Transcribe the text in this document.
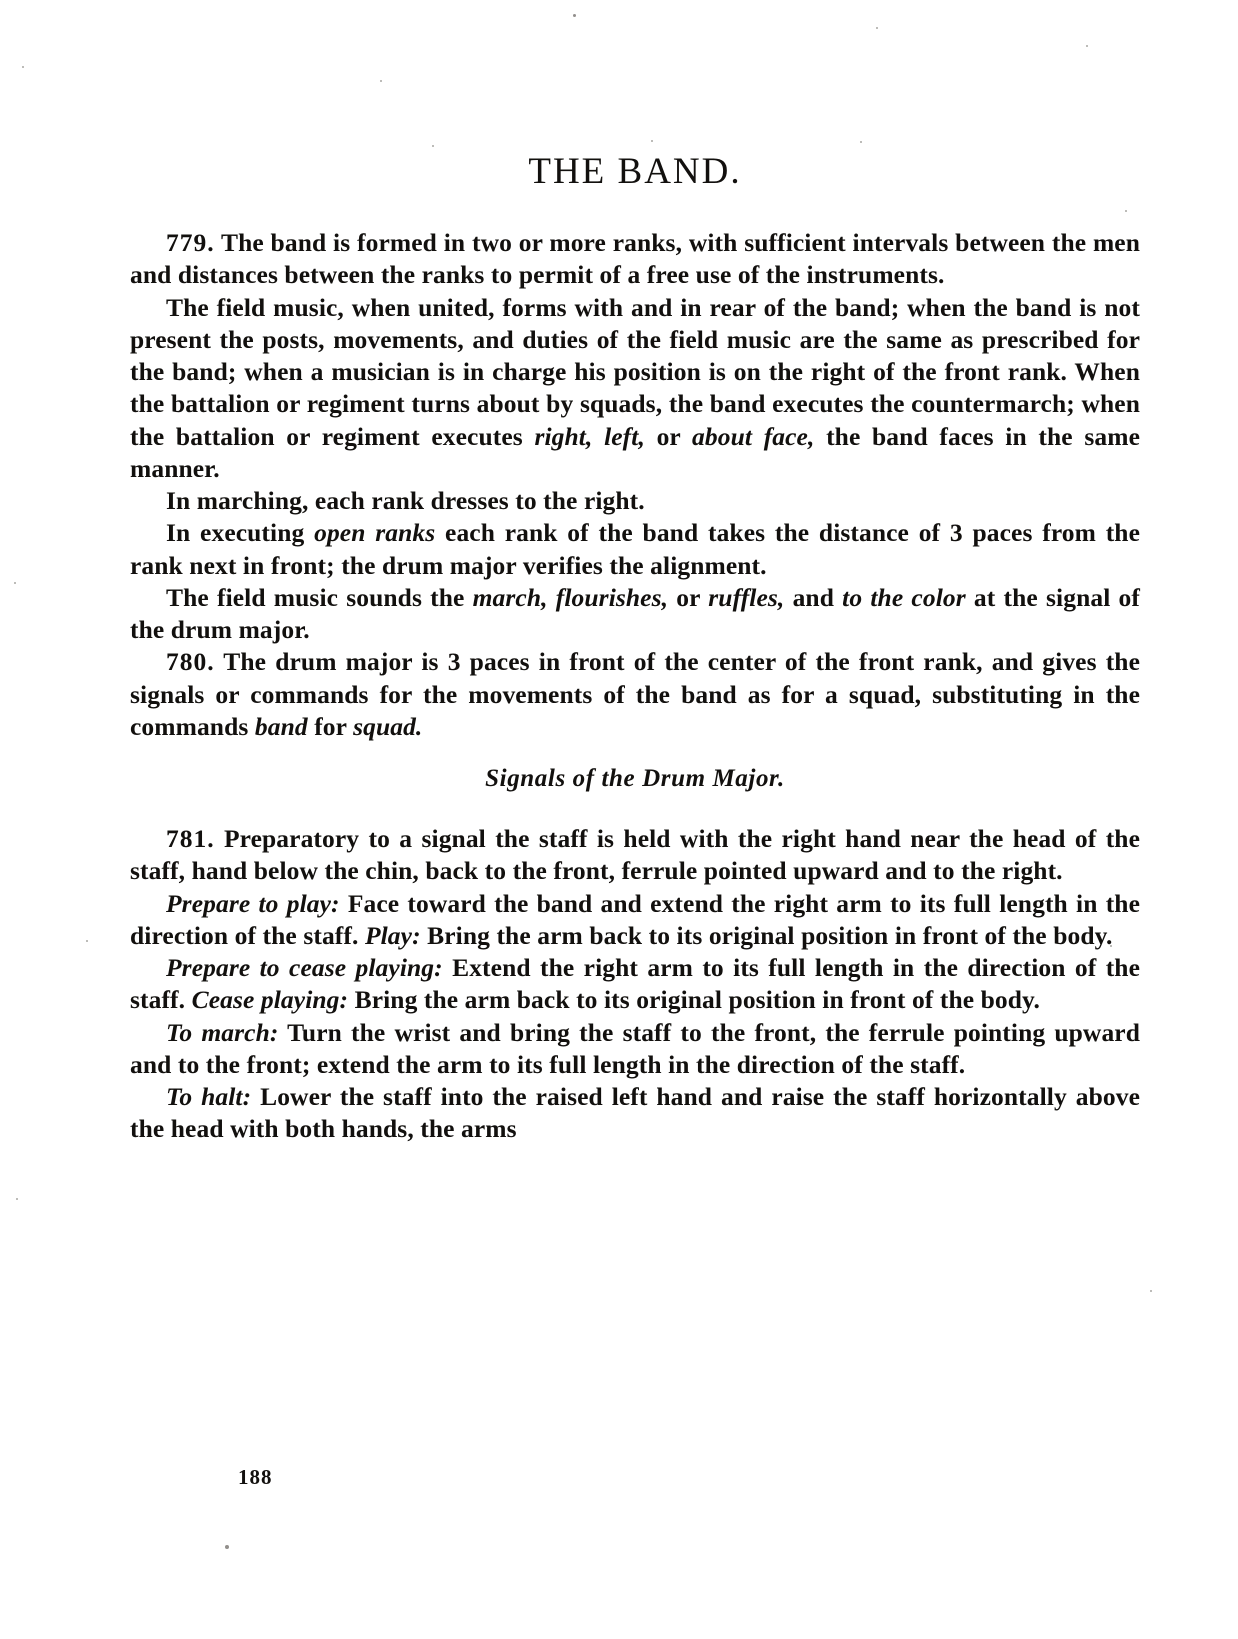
THE BAND.

779. The band is formed in two or more ranks, with sufficient intervals between the men and distances between the ranks to permit of a free use of the instruments.

The field music, when united, forms with and in rear of the band; when the band is not present the posts, movements, and duties of the field music are the same as prescribed for the band; when a musician is in charge his position is on the right of the front rank. When the battalion or regiment turns about by squads, the band executes the countermarch; when the battalion or regiment executes right, left, or about face, the band faces in the same manner.

In marching, each rank dresses to the right.

In executing open ranks each rank of the band takes the distance of 3 paces from the rank next in front; the drum major verifies the alignment.

The field music sounds the march, flourishes, or ruffles, and to the color at the signal of the drum major.

780. The drum major is 3 paces in front of the center of the front rank, and gives the signals or commands for the movements of the band as for a squad, substituting in the commands band for squad.

Signals of the Drum Major.

781. Preparatory to a signal the staff is held with the right hand near the head of the staff, hand below the chin, back to the front, ferrule pointed upward and to the right.

Prepare to play: Face toward the band and extend the right arm to its full length in the direction of the staff. Play: Bring the arm back to its original position in front of the body.

Prepare to cease playing: Extend the right arm to its full length in the direction of the staff. Cease playing: Bring the arm back to its original position in front of the body.

To march: Turn the wrist and bring the staff to the front, the ferrule pointing upward and to the front; extend the arm to its full length in the direction of the staff.

To halt: Lower the staff into the raised left hand and raise the staff horizontally above the head with both hands, the arms

188
